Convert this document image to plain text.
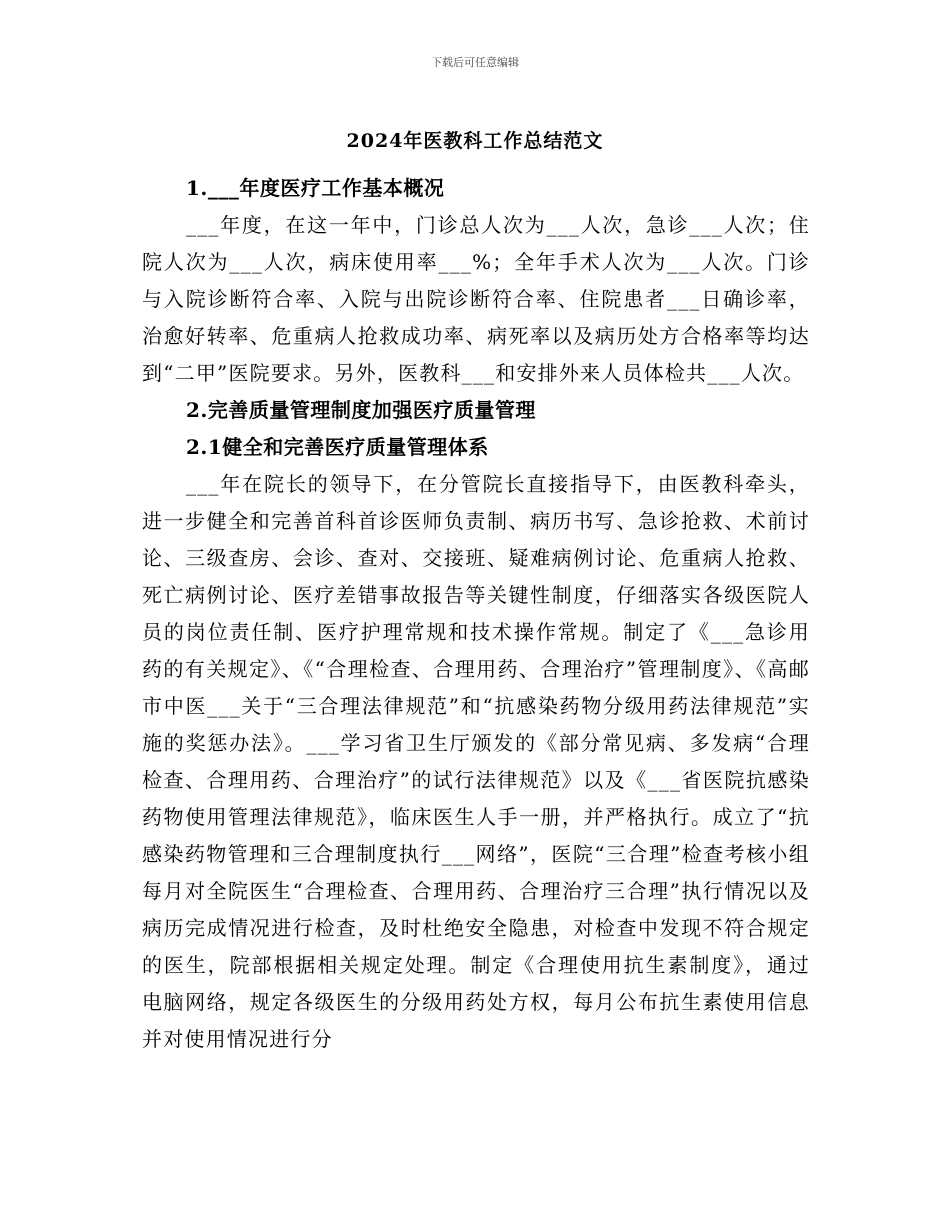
下载后可任意编辑
2024年医教科工作总结范文

1.___年度医疗工作基本概况

___年度，在这一年中，门诊总人次为___人次，急诊___人次；住院人次为___人次，病床使用率___%；全年手术人次为___人次。门诊与入院诊断符合率、入院与出院诊断符合率、住院患者___日确诊率，治愈好转率、危重病人抢救成功率、病死率以及病历处方合格率等均达到“二甲”医院要求。另外，医教科___和安排外来人员体检共___人次。

2.完善质量管理制度加强医疗质量管理

2.1健全和完善医疗质量管理体系

___年在院长的领导下，在分管院长直接指导下，由医教科牵头，进一步健全和完善首科首诊医师负责制、病历书写、急诊抢救、术前讨论、三级查房、会诊、查对、交接班、疑难病例讨论、危重病人抢救、死亡病例讨论、医疗差错事故报告等关键性制度，仔细落实各级医院人员的岗位责任制、医疗护理常规和技术操作常规。制定了《___急诊用药的有关规定》、《“合理检查、合理用药、合理治疗”管理制度》、《高邮市中医___关于“三合理法律规范”和“抗感染药物分级用药法律规范”实施的奖惩办法》。___学习省卫生厅颁发的《部分常见病、多发病“合理检查、合理用药、合理治疗”的试行法律规范》以及《___省医院抗感染药物使用管理法律规范》，临床医生人手一册，并严格执行。成立了“抗感染药物管理和三合理制度执行___网络”，医院“三合理”检查考核小组每月对全院医生“合理检查、合理用药、合理治疗三合理”执行情况以及病历完成情况进行检查，及时杜绝安全隐患，对检查中发现不符合规定的医生，院部根据相关规定处理。制定《合理使用抗生素制度》，通过电脑网络，规定各级医生的分级用药处方权，每月公布抗生素使用信息并对使用情况进行分
